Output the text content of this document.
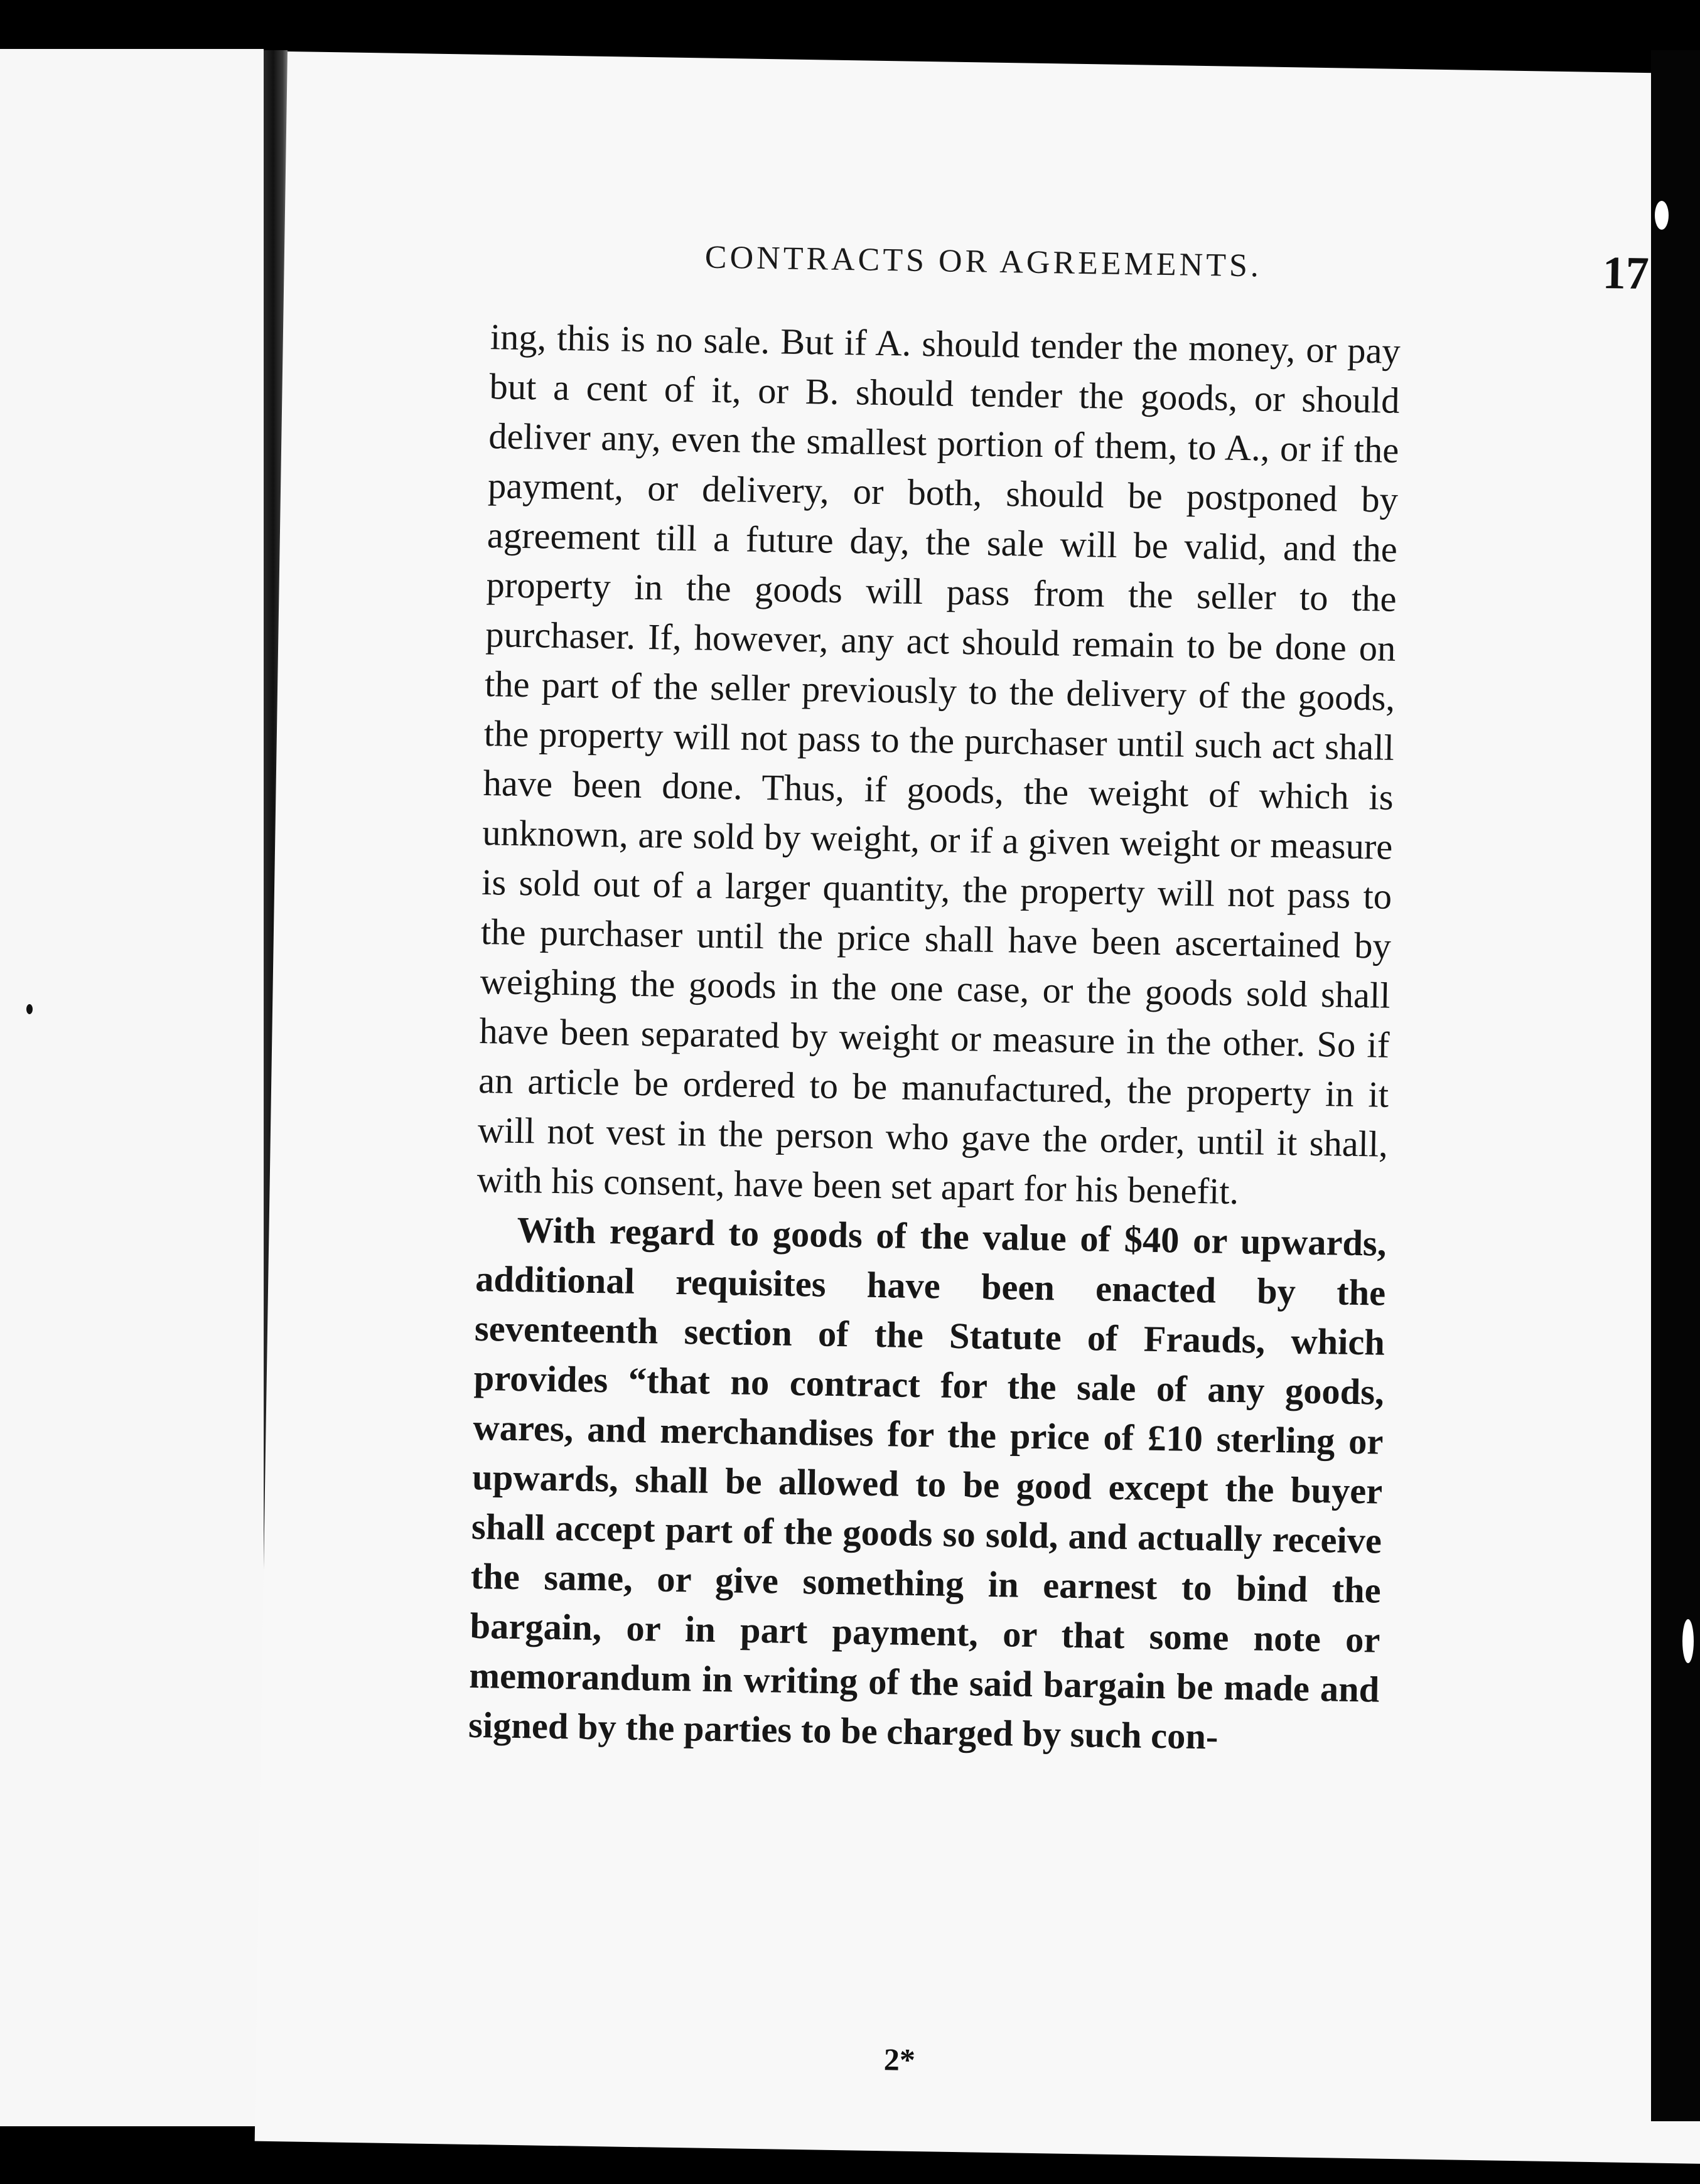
CONTRACTS OR AGREEMENTS.	17

ing, this is no sale. But if A. should tender the money, or pay but a cent of it, or B. should tender the goods, or should deliver any, even the smallest portion of them, to A., or if the payment, or delivery, or both, should be postponed by agreement till a future day, the sale will be valid, and the property in the goods will pass from the seller to the purchaser. If, however, any act should remain to be done on the part of the seller previously to the delivery of the goods, the property will not pass to the purchaser until such act shall have been done. Thus, if goods, the weight of which is unknown, are sold by weight, or if a given weight or measure is sold out of a larger quantity, the property will not pass to the purchaser until the price shall have been ascertained by weighing the goods in the one case, or the goods sold shall have been separated by weight or measure in the other. So if an article be ordered to be manufactured, the property in it will not vest in the person who gave the order, until it shall, with his consent, have been set apart for his benefit.

With regard to goods of the value of $40 or upwards, additional requisites have been enacted by the seventeenth section of the Statute of Frauds, which provides “that no contract for the sale of any goods, wares, and merchandises for the price of £10 sterling or upwards, shall be allowed to be good except the buyer shall accept part of the goods so sold, and actually receive the same, or give something in earnest to bind the bargain, or in part payment, or that some note or memorandum in writing of the said bargain be made and signed by the parties to be charged by such con-

2*
